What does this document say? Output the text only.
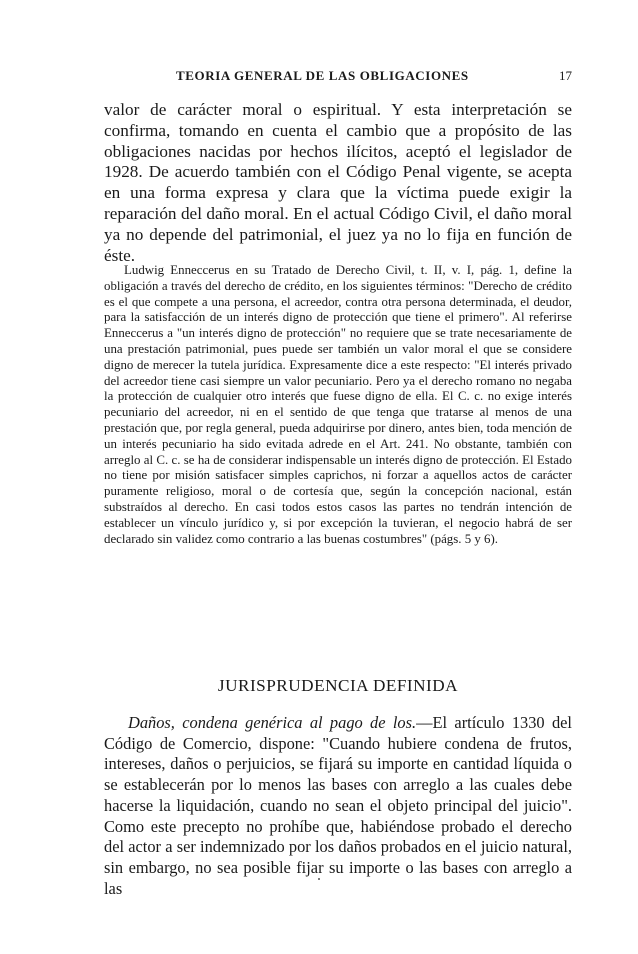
TEORIA GENERAL DE LAS OBLIGACIONES	17

valor de carácter moral o espiritual. Y esta interpretación se confirma, tomando en cuenta el cambio que a propósito de las obligaciones nacidas por hechos ilícitos, aceptó el legislador de 1928. De acuerdo también con el Código Penal vigente, se acepta en una forma expresa y clara que la víctima puede exigir la reparación del daño moral. En el actual Código Civil, el daño moral ya no depende del patrimonial, el juez ya no lo fija en función de éste.

Ludwig Enneccerus en su Tratado de Derecho Civil, t. II, v. I, pág. 1, define la obligación a través del derecho de crédito, en los siguientes términos: "Derecho de crédito es el que compete a una persona, el acreedor, contra otra persona determinada, el deudor, para la satisfacción de un interés digno de protección que tiene el primero". Al referirse Enneccerus a "un interés digno de protección" no requiere que se trate necesariamente de una prestación patrimonial, pues puede ser también un valor moral el que se considere digno de merecer la tutela jurídica. Expresamente dice a este respecto: "El interés privado del acreedor tiene casi siempre un valor pecuniario. Pero ya el derecho romano no negaba la protección de cualquier otro interés que fuese digno de ella. El C. c. no exige interés pecuniario del acreedor, ni en el sentido de que tenga que tratarse al menos de una prestación que, por regla general, pueda adquirirse por dinero, antes bien, toda mención de un interés pecuniario ha sido evitada adrede en el Art. 241. No obstante, también con arreglo al C. c. se ha de considerar indispensable un interés digno de protección. El Estado no tiene por misión satisfacer simples caprichos, ni forzar a aquellos actos de carácter puramente religioso, moral o de cortesía que, según la concepción nacional, están substraídos al derecho. En casi todos estos casos las partes no tendrán intención de establecer un vínculo jurídico y, si por excepción la tuvieran, el negocio habrá de ser declarado sin validez como contrario a las buenas costumbres" (págs. 5 y 6).

JURISPRUDENCIA DEFINIDA

Daños, condena genérica al pago de los.—El artículo 1330 del Código de Comercio, dispone: "Cuando hubiere condena de frutos, intereses, daños o perjuicios, se fijará su importe en cantidad líquida o se establecerán por lo menos las bases con arreglo a las cuales debe hacerse la liquidación, cuando no sean el objeto principal del juicio". Como este precepto no prohíbe que, habiéndose probado el derecho del actor a ser indemnizado por los daños probados en el juicio natural, sin embargo, no sea posible fijar su importe o las bases con arreglo a las
